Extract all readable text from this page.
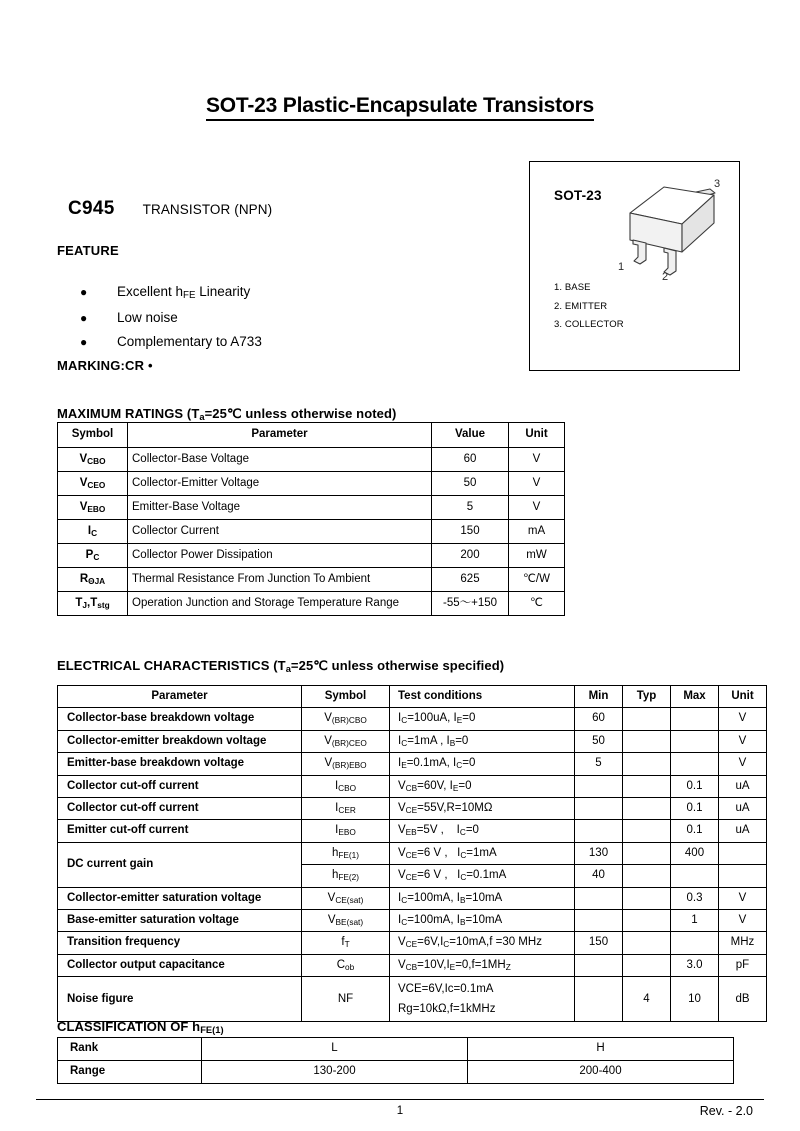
SOT-23 Plastic-Encapsulate Transistors
C945 TRANSISTOR (NPN)
FEATURE
● Excellent $h_{FE}$ Linearity
● Low noise
● Complementary to A733
MARKING:CR •
SOT-23
1
2
3
1. BASE
2. EMITTER
3. COLLECTOR
MAXIMUM RATINGS ($T_a=25℃$ unless otherwise noted)
Symbol	Parameter	Value	Unit
$V_{CBO}$	Collector-Base Voltage	60	V
$V_{CEO}$	Collector-Emitter Voltage	50	V
$V_{EBO}$	Emitter-Base Voltage	5	V
$I_C$	Collector Current	150	mA
$P_C$	Collector Power Dissipation	200	mW
$R_{\Theta JA}$	Thermal Resistance From Junction To Ambient	625	℃/W
$T_J,T_{stg}$	Operation Junction and Storage Temperature Range	-55～+150	℃
ELECTRICAL CHARACTERISTICS ($T_a=25℃$ unless otherwise specified)
Parameter	Symbol	Test conditions	Min	Typ	Max	Unit
Collector-base breakdown voltage	$V_{(BR)CBO}$	$I_C=100uA$, $I_E=0$	60			V
Collector-emitter breakdown voltage	$V_{(BR)CEO}$	$I_C=1mA$ , $I_B=0$	50			V
Emitter-base breakdown voltage	$V_{(BR)EBO}$	$I_E=0.1mA$, $I_C=0$	5			V
Collector cut-off current	$I_{CBO}$	$V_{CB}=60V$, $I_E=0$			0.1	uA
Collector cut-off current	$I_{CER}$	$V_{CE}=55V,R=10M\Omega$			0.1	uA
Emitter cut-off current	$I_{EBO}$	$V_{EB}=5V$ ,    $I_C=0$			0.1	uA
DC current gain	$h_{FE(1)}$	$V_{CE}=6$ V ,   $I_C=1mA$	130		400	
	$h_{FE(2)}$	$V_{CE}=6$ V ,   $I_C=0.1mA$	40			
Collector-emitter saturation voltage	$V_{CE(sat)}$	$I_C=100mA$, $I_B=10mA$			0.3	V
Base-emitter saturation voltage	$V_{BE(sat)}$	$I_C=100mA$, $I_B=10mA$			1	V
Transition frequency	$f_T$	$V_{CE}=6V,I_C=10mA,f =30$ MHz	150			MHz
Collector output capacitance	$C_{ob}$	$V_{CB}=10V,I_E=0,f=1MH_Z$			3.0	pF
Noise figure	NF	VCE=6V,Ic=0.1mA
Rg=10kΩ,f=1kMHz		4	10	dB
CLASSIFICATION OF $h_{FE(1)}$
Rank	L	H
Range	130-200	200-400
1	Rev. - 2.0
